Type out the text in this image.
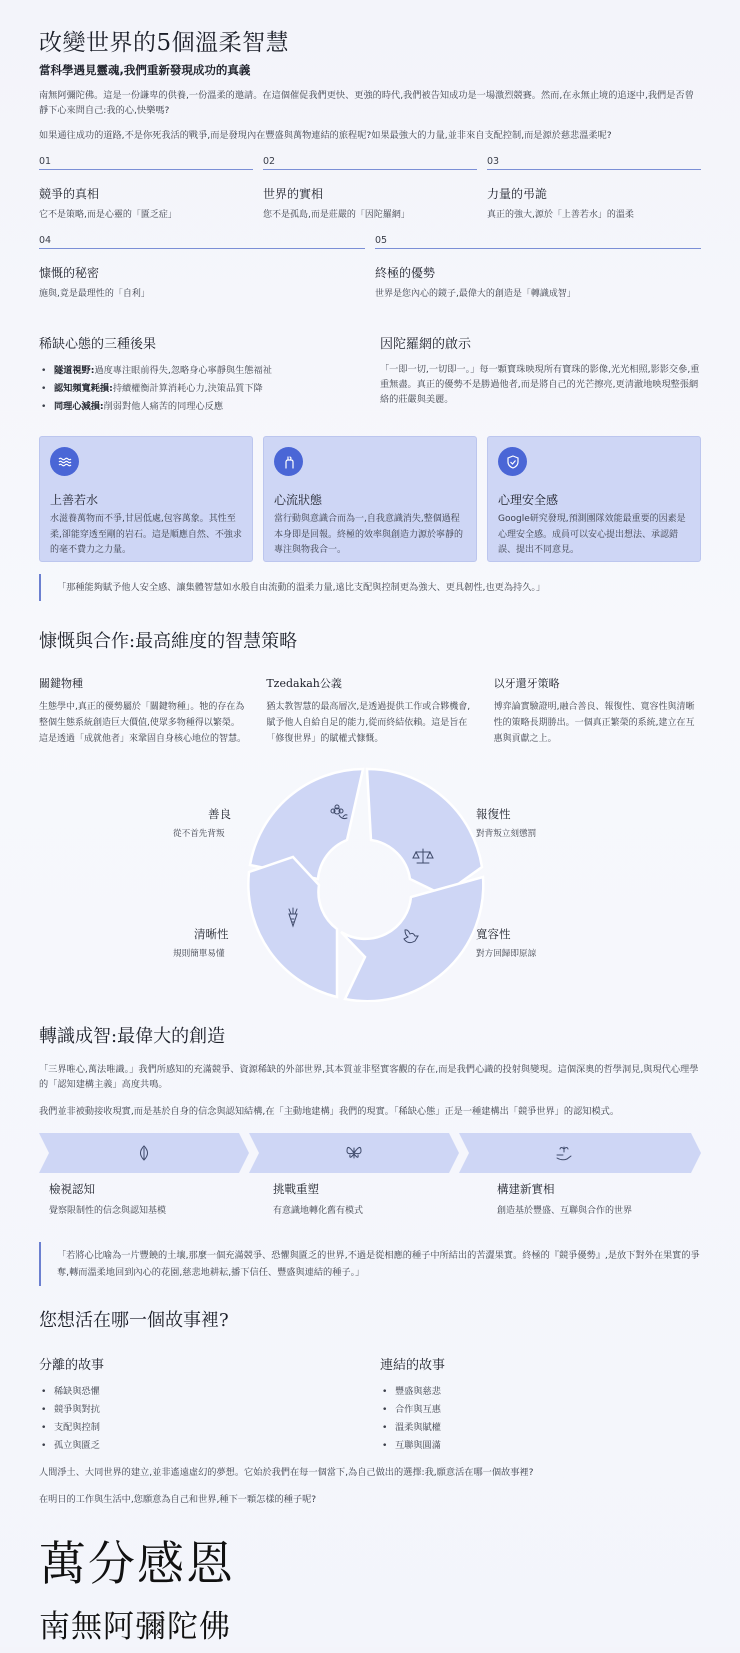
改變世界的5個溫柔智慧
當科學遇見靈魂,我們重新發現成功的真義

南無阿彌陀佛。這是一份謙卑的供養,一份溫柔的邀請。在這個催促我們更快、更強的時代,我們被告知成功是一場激烈競賽。然而,在永無止境的追逐中,我們是否曾靜下心來問自己:我的心,快樂嗎?

如果通往成功的道路,不是你死我活的戰爭,而是發現內在豐盛與萬物連結的旅程呢?如果最強大的力量,並非來自支配控制,而是源於慈悲溫柔呢?

01
競爭的真相
它不是策略,而是心靈的「匱乏症」
02
世界的實相
您不是孤島,而是莊嚴的「因陀羅網」
03
力量的弔詭
真正的強大,源於「上善若水」的溫柔
04
慷慨的秘密
施與,竟是最理性的「自利」
05
終極的優勢
世界是您內心的鏡子,最偉大的創造是「轉識成智」
稀缺心態的三種後果
• 隧道視野:過度專注眼前得失,忽略身心寧靜與生態福祉
• 認知頻寬耗損:持續權衡計算消耗心力,決策品質下降
• 同理心減損:削弱對他人痛苦的同理心反應
因陀羅網的啟示

「一即一切,一切即一。」每一顆寶珠映現所有寶珠的影像,光光相照,影影交參,重重無盡。真正的優勢不是勝過他者,而是將自己的光芒擦亮,更清澈地映現整張網絡的莊嚴與美麗。

上善若水
水滋養萬物而不爭,甘居低處,包容萬象。其性至柔,卻能穿透至剛的岩石。這是順應自然、不強求的毫不費力之力量。
心流狀態
當行動與意識合而為一,自我意識消失,整個過程本身即是回報。終極的效率與創造力源於寧靜的專注與物我合一。
心理安全感
Google研究發現,預測團隊效能最重要的因素是心理安全感。成員可以安心提出想法、承認錯誤、提出不同意見。
「那種能夠賦予他人安全感、讓集體智慧如水般自由流動的溫柔力量,遠比支配與控制更為強大、更具韌性,也更為持久。」
慷慨與合作:最高維度的智慧策略
關鍵物種
生態學中,真正的優勢屬於「關鍵物種」。牠的存在為整個生態系統創造巨大價值,使眾多物種得以繁榮。這是透過「成就他者」來鞏固自身核心地位的智慧。
Tzedakah公義
猶太教智慧的最高層次,是透過提供工作或合夥機會,賦予他人自給自足的能力,從而終結依賴。這是旨在「修復世界」的賦權式慷慨。
以牙還牙策略
博弈論實驗證明,融合善良、報復性、寬容性與清晰性的策略長期勝出。一個真正繁榮的系統,建立在互惠與貢獻之上。
善良
從不首先背叛
報復性
對背叛立刻懲罰
寬容性
對方回歸即原諒
清晰性
規則簡單易懂
轉識成智:最偉大的創造

「三界唯心,萬法唯識。」我們所感知的充滿競爭、資源稀缺的外部世界,其本質並非堅實客觀的存在,而是我們心識的投射與變現。這個深奧的哲學洞見,與現代心理學的「認知建構主義」高度共鳴。

我們並非被動接收現實,而是基於自身的信念與認知結構,在「主動地建構」我們的現實。「稀缺心態」正是一種建構出「競爭世界」的認知模式。

檢視認知
覺察限制性的信念與認知基模
挑戰重塑
有意識地轉化舊有模式
構建新實相
創造基於豐盛、互聯與合作的世界
「若將心比喻為一片豐饒的土壤,那麼一個充滿競爭、恐懼與匱乏的世界,不過是從相應的種子中所結出的苦澀果實。終極的『競爭優勢』,是放下對外在果實的爭奪,轉而溫柔地回到內心的花園,慈悲地耕耘,播下信任、豐盛與連結的種子。」
您想活在哪一個故事裡?
分離的故事
• 稀缺與恐懼
• 競爭與對抗
• 支配與控制
• 孤立與匱乏
連結的故事
• 豐盛與慈悲
• 合作與互惠
• 溫柔與賦權
• 互聯與圓滿

人間淨土、大同世界的建立,並非遙遠虛幻的夢想。它始於我們在每一個當下,為自己做出的選擇:我,願意活在哪一個故事裡?

在明日的工作與生活中,您願意為自己和世界,種下一顆怎樣的種子呢?

萬分感恩
南無阿彌陀佛
